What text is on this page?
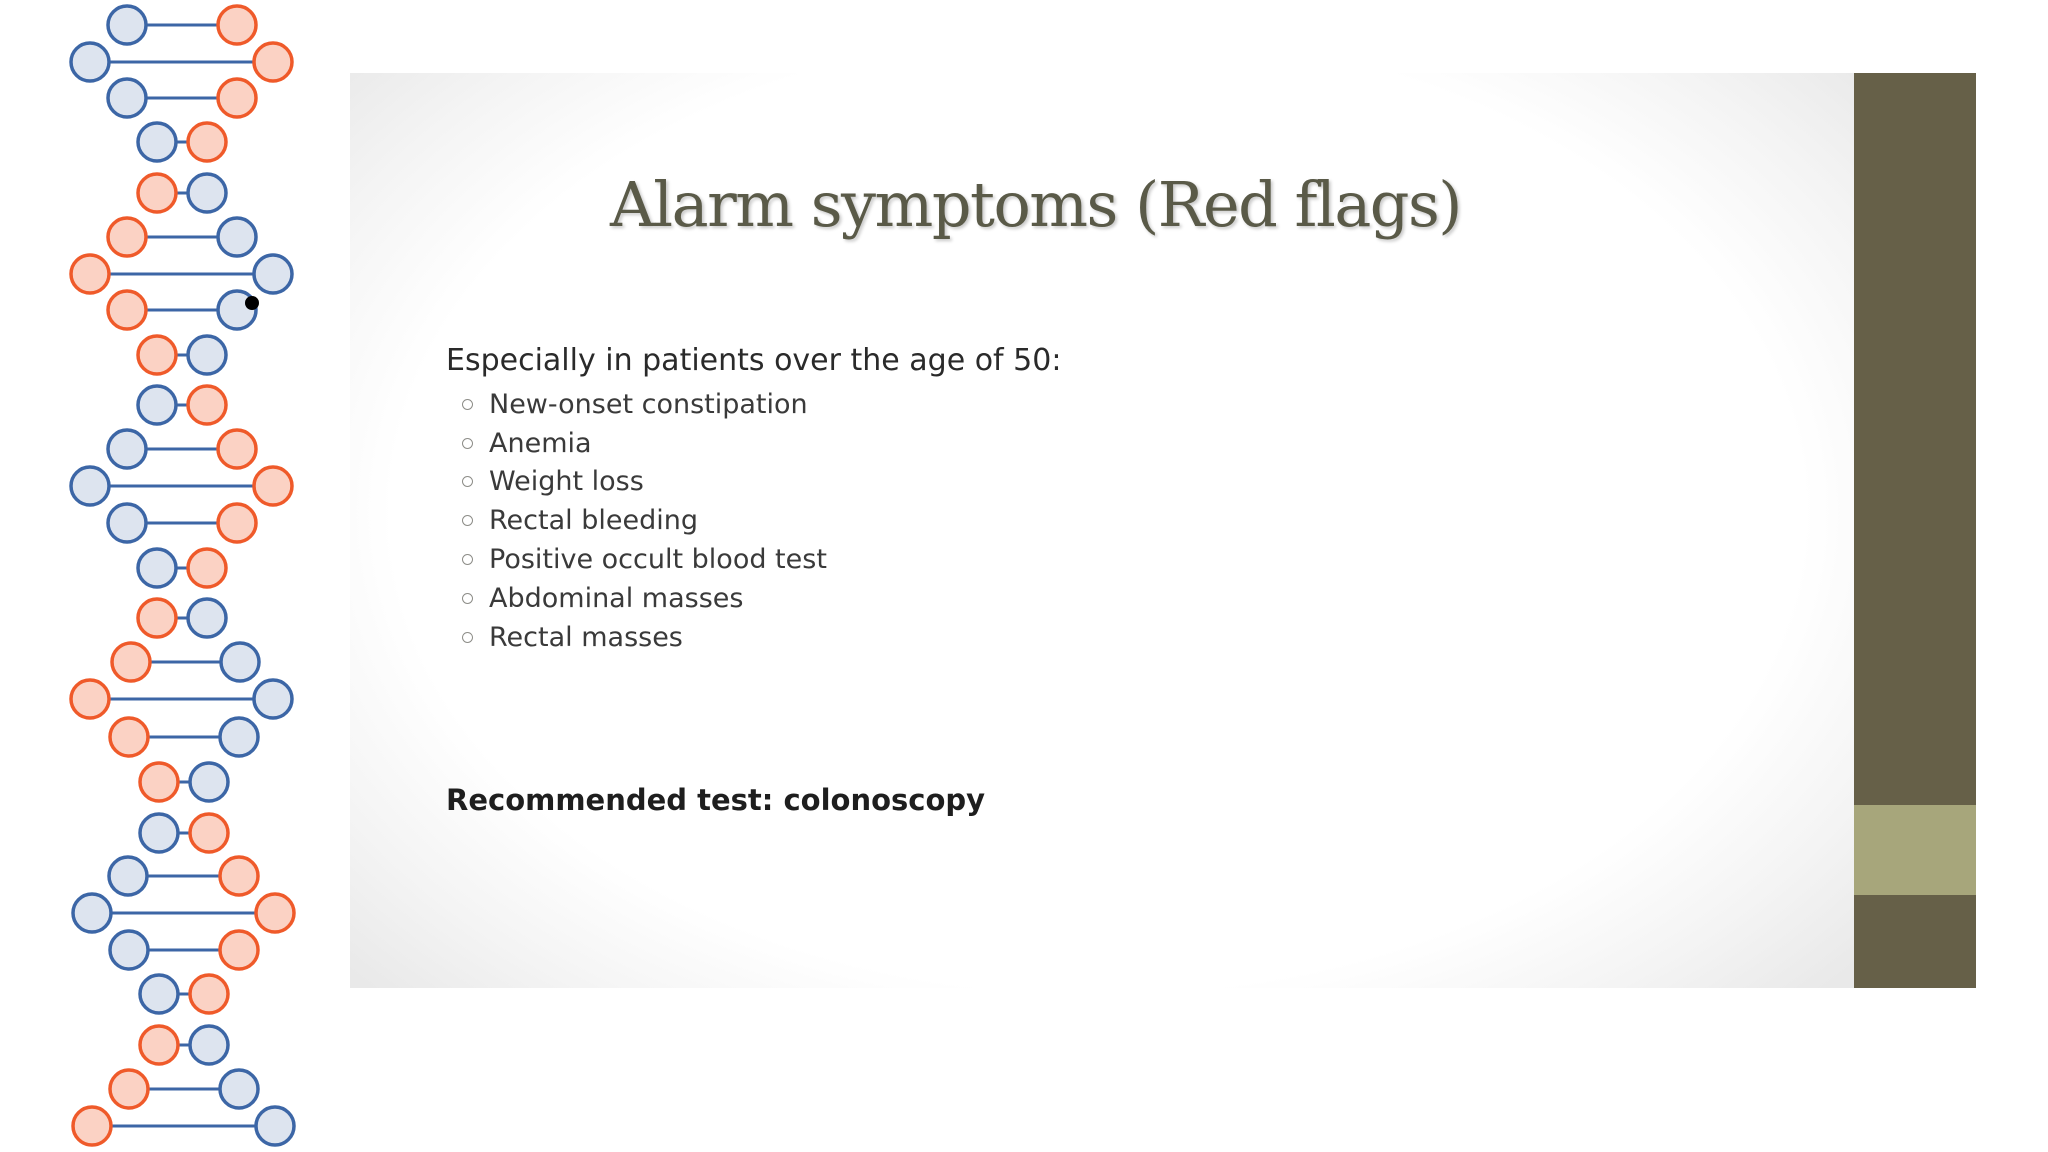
Alarm symptoms (Red flags)

Especially in patients over the age of 50:

New-onset constipation
Anemia
Weight loss
Rectal bleeding
Positive occult blood test
Abdominal masses
Rectal masses

Recommended test: colonoscopy
